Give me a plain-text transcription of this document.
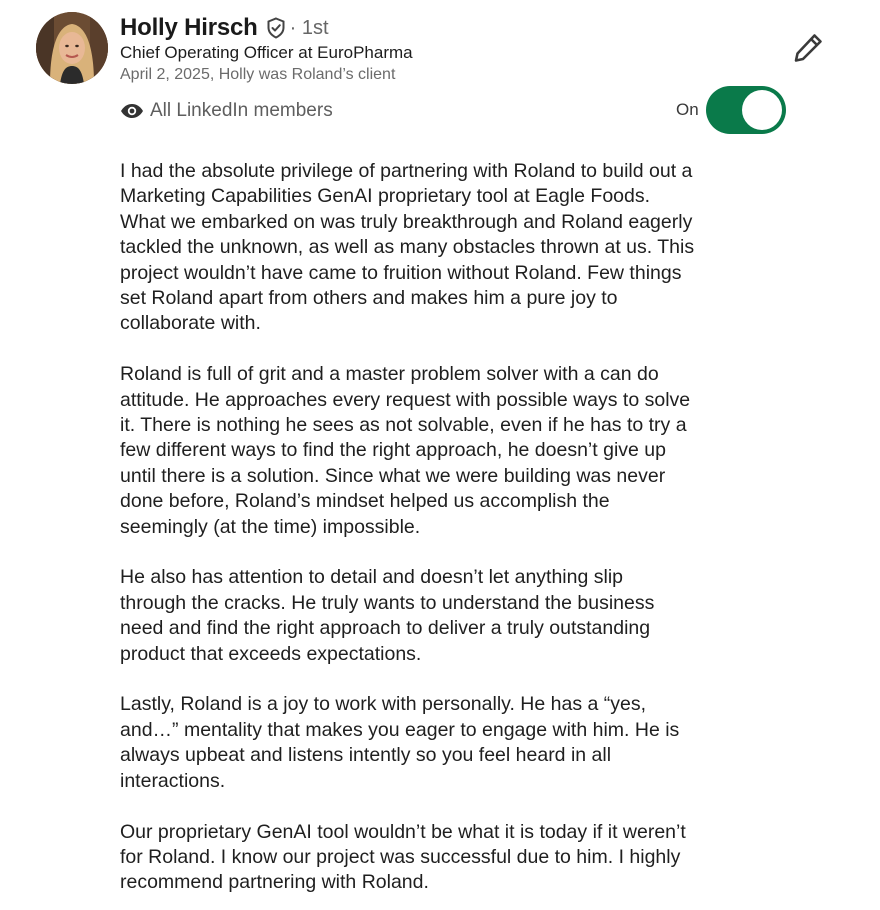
Holly Hirsch · 1st
Chief Operating Officer at EuroPharma
April 2, 2025, Holly was Roland’s client
All LinkedIn members	On

I had the absolute privilege of partnering with Roland to build out a
Marketing Capabilities GenAI proprietary tool at Eagle Foods.
What we embarked on was truly breakthrough and Roland eagerly
tackled the unknown, as well as many obstacles thrown at us. This
project wouldn’t have came to fruition without Roland. Few things
set Roland apart from others and makes him a pure joy to
collaborate with.

Roland is full of grit and a master problem solver with a can do
attitude. He approaches every request with possible ways to solve
it. There is nothing he sees as not solvable, even if he has to try a
few different ways to find the right approach, he doesn’t give up
until there is a solution. Since what we were building was never
done before, Roland’s mindset helped us accomplish the
seemingly (at the time) impossible.

He also has attention to detail and doesn’t let anything slip
through the cracks. He truly wants to understand the business
need and find the right approach to deliver a truly outstanding
product that exceeds expectations.

Lastly, Roland is a joy to work with personally. He has a “yes,
and…” mentality that makes you eager to engage with him. He is
always upbeat and listens intently so you feel heard in all
interactions.

Our proprietary GenAI tool wouldn’t be what it is today if it weren’t
for Roland. I know our project was successful due to him. I highly
recommend partnering with Roland.
